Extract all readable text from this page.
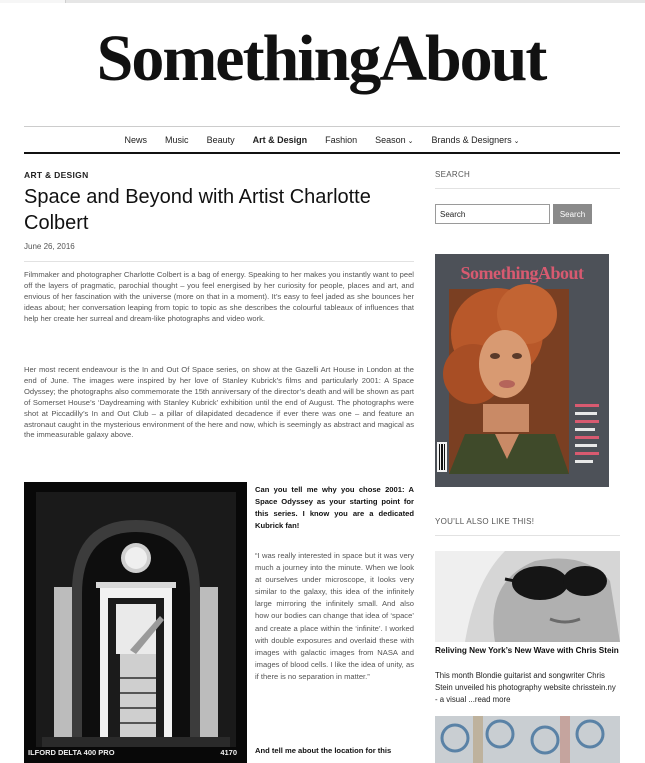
SomethingAbout
News Music Beauty Art & Design Fashion Season ⌄ Brands & Designers ⌄
ART & DESIGN
Space and Beyond with Artist Charlotte Colbert
June 26, 2016

Filmmaker and photographer Charlotte Colbert is a bag of energy. Speaking to her makes you instantly want to peel off the layers of pragmatic, parochial thought – you feel energised by her curiosity for people, places and art, and envious of her fascination with the universe (more on that in a moment). It’s easy to feel jaded as she bounces her ideas about; her conversation leaping from topic to topic as she describes the colourful tableaux of influences that help her create her surreal and dream-like photographs and video work.

Her most recent endeavour is the In and Out Of Space series, on show at the Gazelli Art House in London at the end of June. The images were inspired by her love of Stanley Kubrick’s films and particularly 2001: A Space Odyssey; the photographs also commemorate the 15th anniversary of the director’s death and will be shown as part of Somerset House’s ‘Daydreaming with Stanley Kubrick’ exhibition until the end of August. The photographs were shot at Piccadilly’s In and Out Club – a pillar of dilapidated decadence if ever there was one – and feature an astronaut caught in the mysterious environment of the here and now, which is seemingly as abstract and magical as the immeasurable galaxy above.

ILFORD DELTA 400 PRO	4170

Can you tell me why you chose 2001: A Space Odyssey as your starting point for this series. I know you are a dedicated Kubrick fan!

“I was really interested in space but it was very much a journey into the minute. When we look at ourselves under microscope, it looks very similar to the galaxy, this idea of the infinitely large mirroring the infinitely small. And also how our bodies can change that idea of ‘space’ and create a place within the ‘infinite’. I worked with double exposures and overlaid these with images with galactic images from NASA and images of blood cells. I like the idea of unity, as if there is no separation in matter.”

And tell me about the location for this

SEARCH
Search
Search
SomethingAbout
YOU'LL ALSO LIKE THIS!
Reliving New York’s New Wave with Chris Stein
This month Blondie guitarist and songwriter Chris Stein unveiled his photography website chrisstein.ny - a visual ...read more
